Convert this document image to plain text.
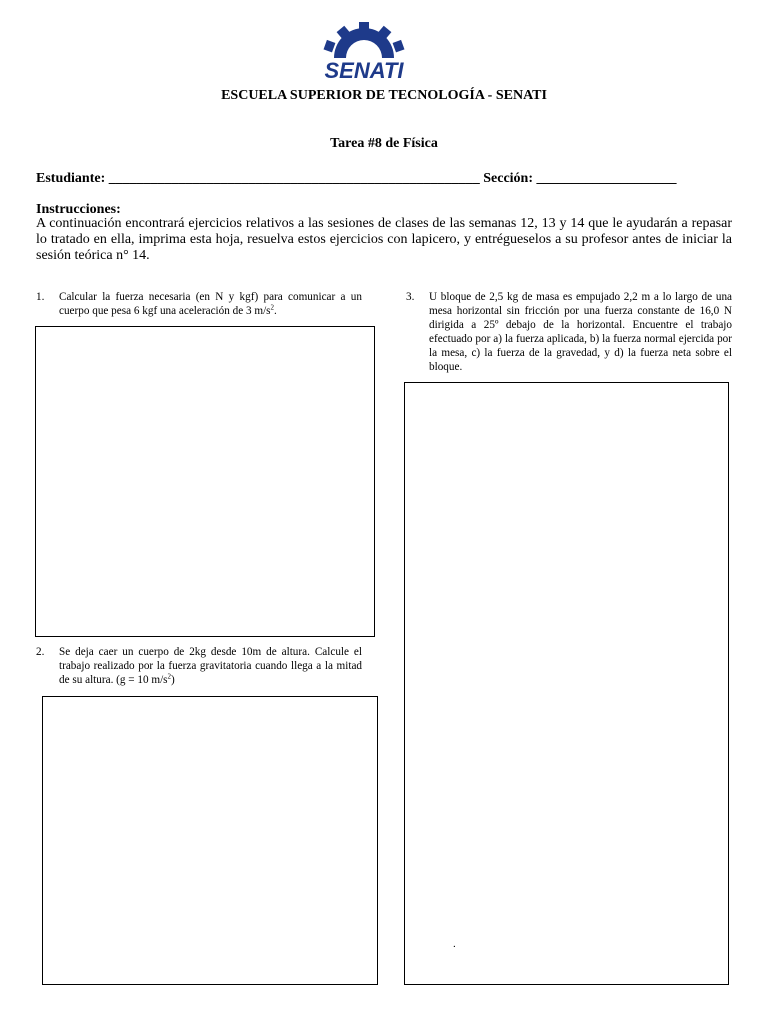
SENATI
ESCUELA SUPERIOR DE TECNOLOGÍA - SENATI
Tarea #8 de Física
Estudiante: _____________________________________________________ Sección: ____________________
Instrucciones:
A continuación encontrará ejercicios relativos a las sesiones de clases de las semanas 12, 13 y 14 que le ayudarán a repasar lo tratado en ella, imprima esta hoja, resuelva estos ejercicios con lapicero, y entrégueselos a su profesor antes de iniciar la sesión teórica n° 14.
1. Calcular la fuerza necesaria (en N y kgf) para comunicar a un cuerpo que pesa 6 kgf una aceleración de 3 $m/s^2$.
2. Se deja caer un cuerpo de 2kg desde 10m de altura. Calcule el trabajo realizado por la fuerza gravitatoria cuando llega a la mitad de su altura. (g = 10 $m/s^2$)
3. U bloque de 2,5 kg de masa es empujado 2,2 m a lo largo de una mesa horizontal sin fricción por una fuerza constante de 16,0 N dirigida a 25º debajo de la horizontal. Encuentre el trabajo efectuado por a) la fuerza aplicada, b) la fuerza normal ejercida por la mesa, c) la fuerza de la gravedad, y d) la fuerza neta sobre el bloque.
.
